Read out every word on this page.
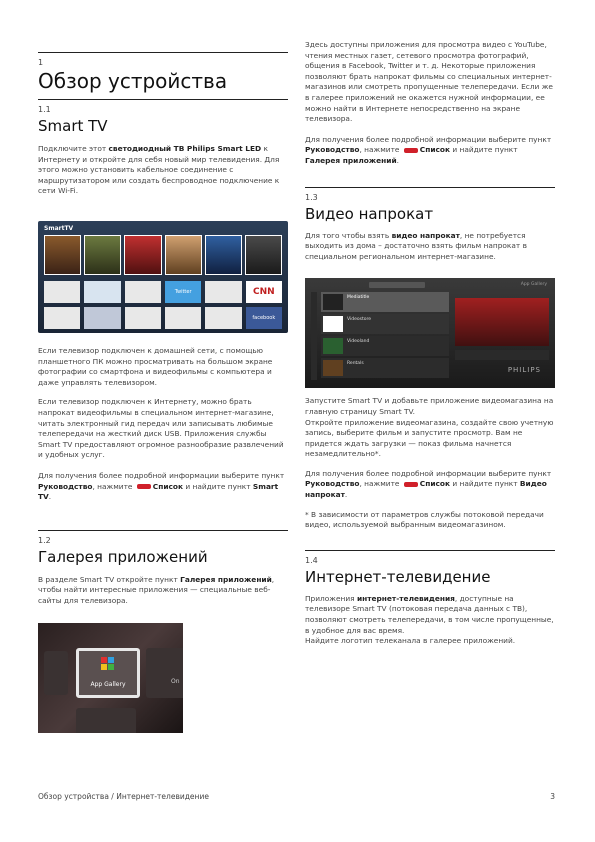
1
Обзор устройства
1.1
Smart TV

Подключите этот светодиодный ТВ Philips Smart LED к Интернету и откройте для себя новый мир телевидения. Для этого можно установить кабельное соединение с маршрутизатором или создать беспроводное подключение к сети Wi-Fi.

SmartTV
Twitter	CNN
facebook

Если телевизор подключен к домашней сети, с помощью планшетного ПК можно просматривать на большом экране фотографии со смартфона и видеофильмы с компьютера и даже управлять телевизором.

Если телевизор подключен к Интернету, можно брать напрокат видеофильмы в специальном интернет-магазине, читать электронный гид передач или записывать любимые телепередачи на жесткий диск USB. Приложения службы Smart TV предоставляют огромное разнообразие развлечений и удобных услуг.

Для получения более подробной информации выберите пункт Руководство, нажмите Список и найдите пункт Smart TV.

1.2
Галерея приложений

В разделе Smart TV откройте пункт Галерея приложений, чтобы найти интересные приложения — специальные веб-сайты для телевизора.

App Gallery	On
Обзор устройства / Интернет-телевидение

Здесь доступны приложения для просмотра видео с YouTube, чтения местных газет, сетевого просмотра фотографий, общения в Facebook, Twitter и т. д. Некоторые приложения позволяют брать напрокат фильмы со специальных интернет-магазинов или смотреть пропущенные телепередачи. Если же в галерее приложений не окажется нужной информации, ее можно найти в Интернете непосредственно на экране телевизора.

Для получения более подробной информации выберите пункт Руководство, нажмите Список и найдите пункт Галерея приложений.

1.3
Видео напрокат

Для того чтобы взять видео напрокат, не потребуется выходить из дома – достаточно взять фильм напрокат в специальном региональном интернет-магазине.

App Gallery
Mediatitle
Videostore
Videoland
Rentals
PHILIPS

Запустите Smart TV и добавьте приложение видеомагазина на главную страницу Smart TV.

Откройте приложение видеомагазина, создайте свою учетную запись, выберите фильм и запустите просмотр. Вам не придется ждать загрузки — показ фильма начнется незамедлительно*.

Для получения более подробной информации выберите пункт Руководство, нажмите Список и найдите пункт Видео напрокат.

* В зависимости от параметров службы потоковой передачи видео, используемой выбранным видеомагазином.

1.4
Интернет-телевидение

Приложения интернет-телевидения, доступные на телевизоре Smart TV (потоковая передача данных с ТВ), позволяют смотреть телепередачи, в том числе пропущенные, в удобное для вас время.

Найдите логотип телеканала в галерее приложений.

3
